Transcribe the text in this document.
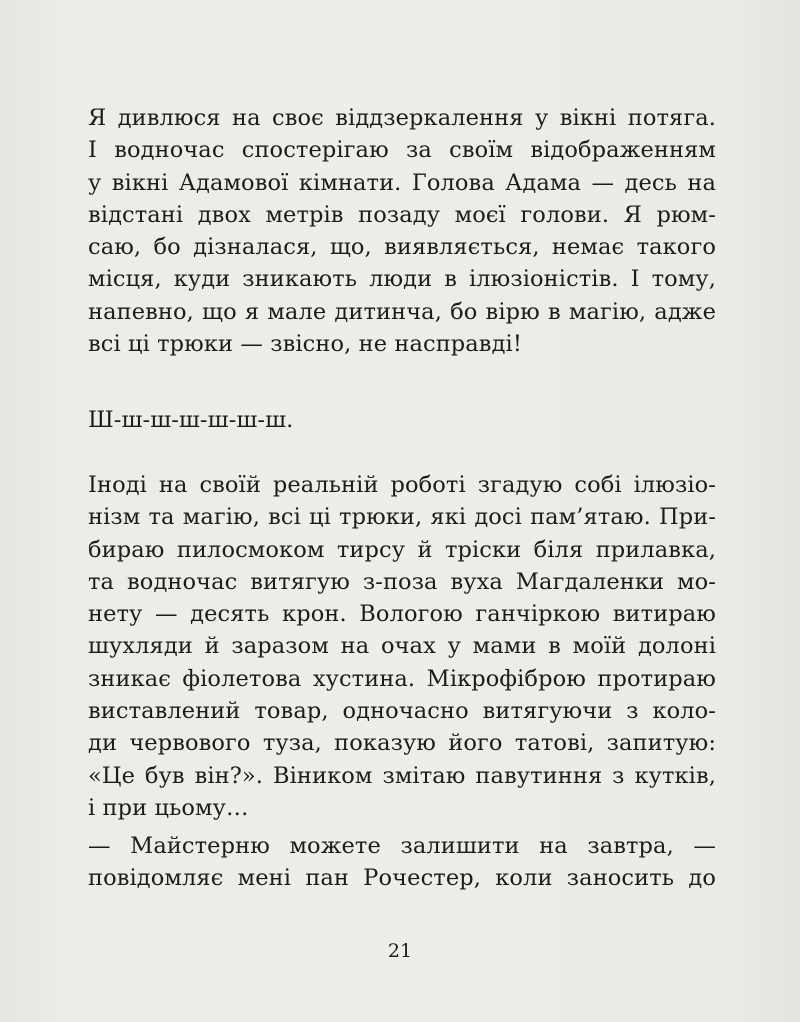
Я дивлюся на своє віддзеркалення у вікні потяга.
І водночас спостерігаю за своїм відображенням
у вікні Адамової кімнати. Голова Адама — десь на
відстані двох метрів позаду моєї голови. Я рюм-
саю, бо дізналася, що, виявляється, немає такого
місця, куди зникають люди в ілюзіоністів. І тому,
напевно, що я мале дитинча, бо вірю в магію, адже
всі ці трюки — звісно, не насправді!
Ш-ш-ш-ш-ш-ш-ш.
Іноді на своїй реальній роботі згадую собі ілюзіо-
нізм та магію, всі ці трюки, які досі пам’ятаю. При-
бираю пилосмоком тирсу й тріски біля прилавка,
та водночас витягую з-поза вуха Магдаленки мо-
нету — десять крон. Вологою ганчіркою витираю
шухляди й заразом на очах у мами в моїй долоні
зникає фіолетова хустина. Мікрофіброю протираю
виставлений товар, одночасно витягуючи з коло-
ди червового туза, показую його татові, запитую:
«Це був він?». Віником змітаю павутиння з кутків,
і при цьому…
— Майстерню можете залишити на завтра, —
повідомляє мені пан Рочестер, коли заносить до
21
